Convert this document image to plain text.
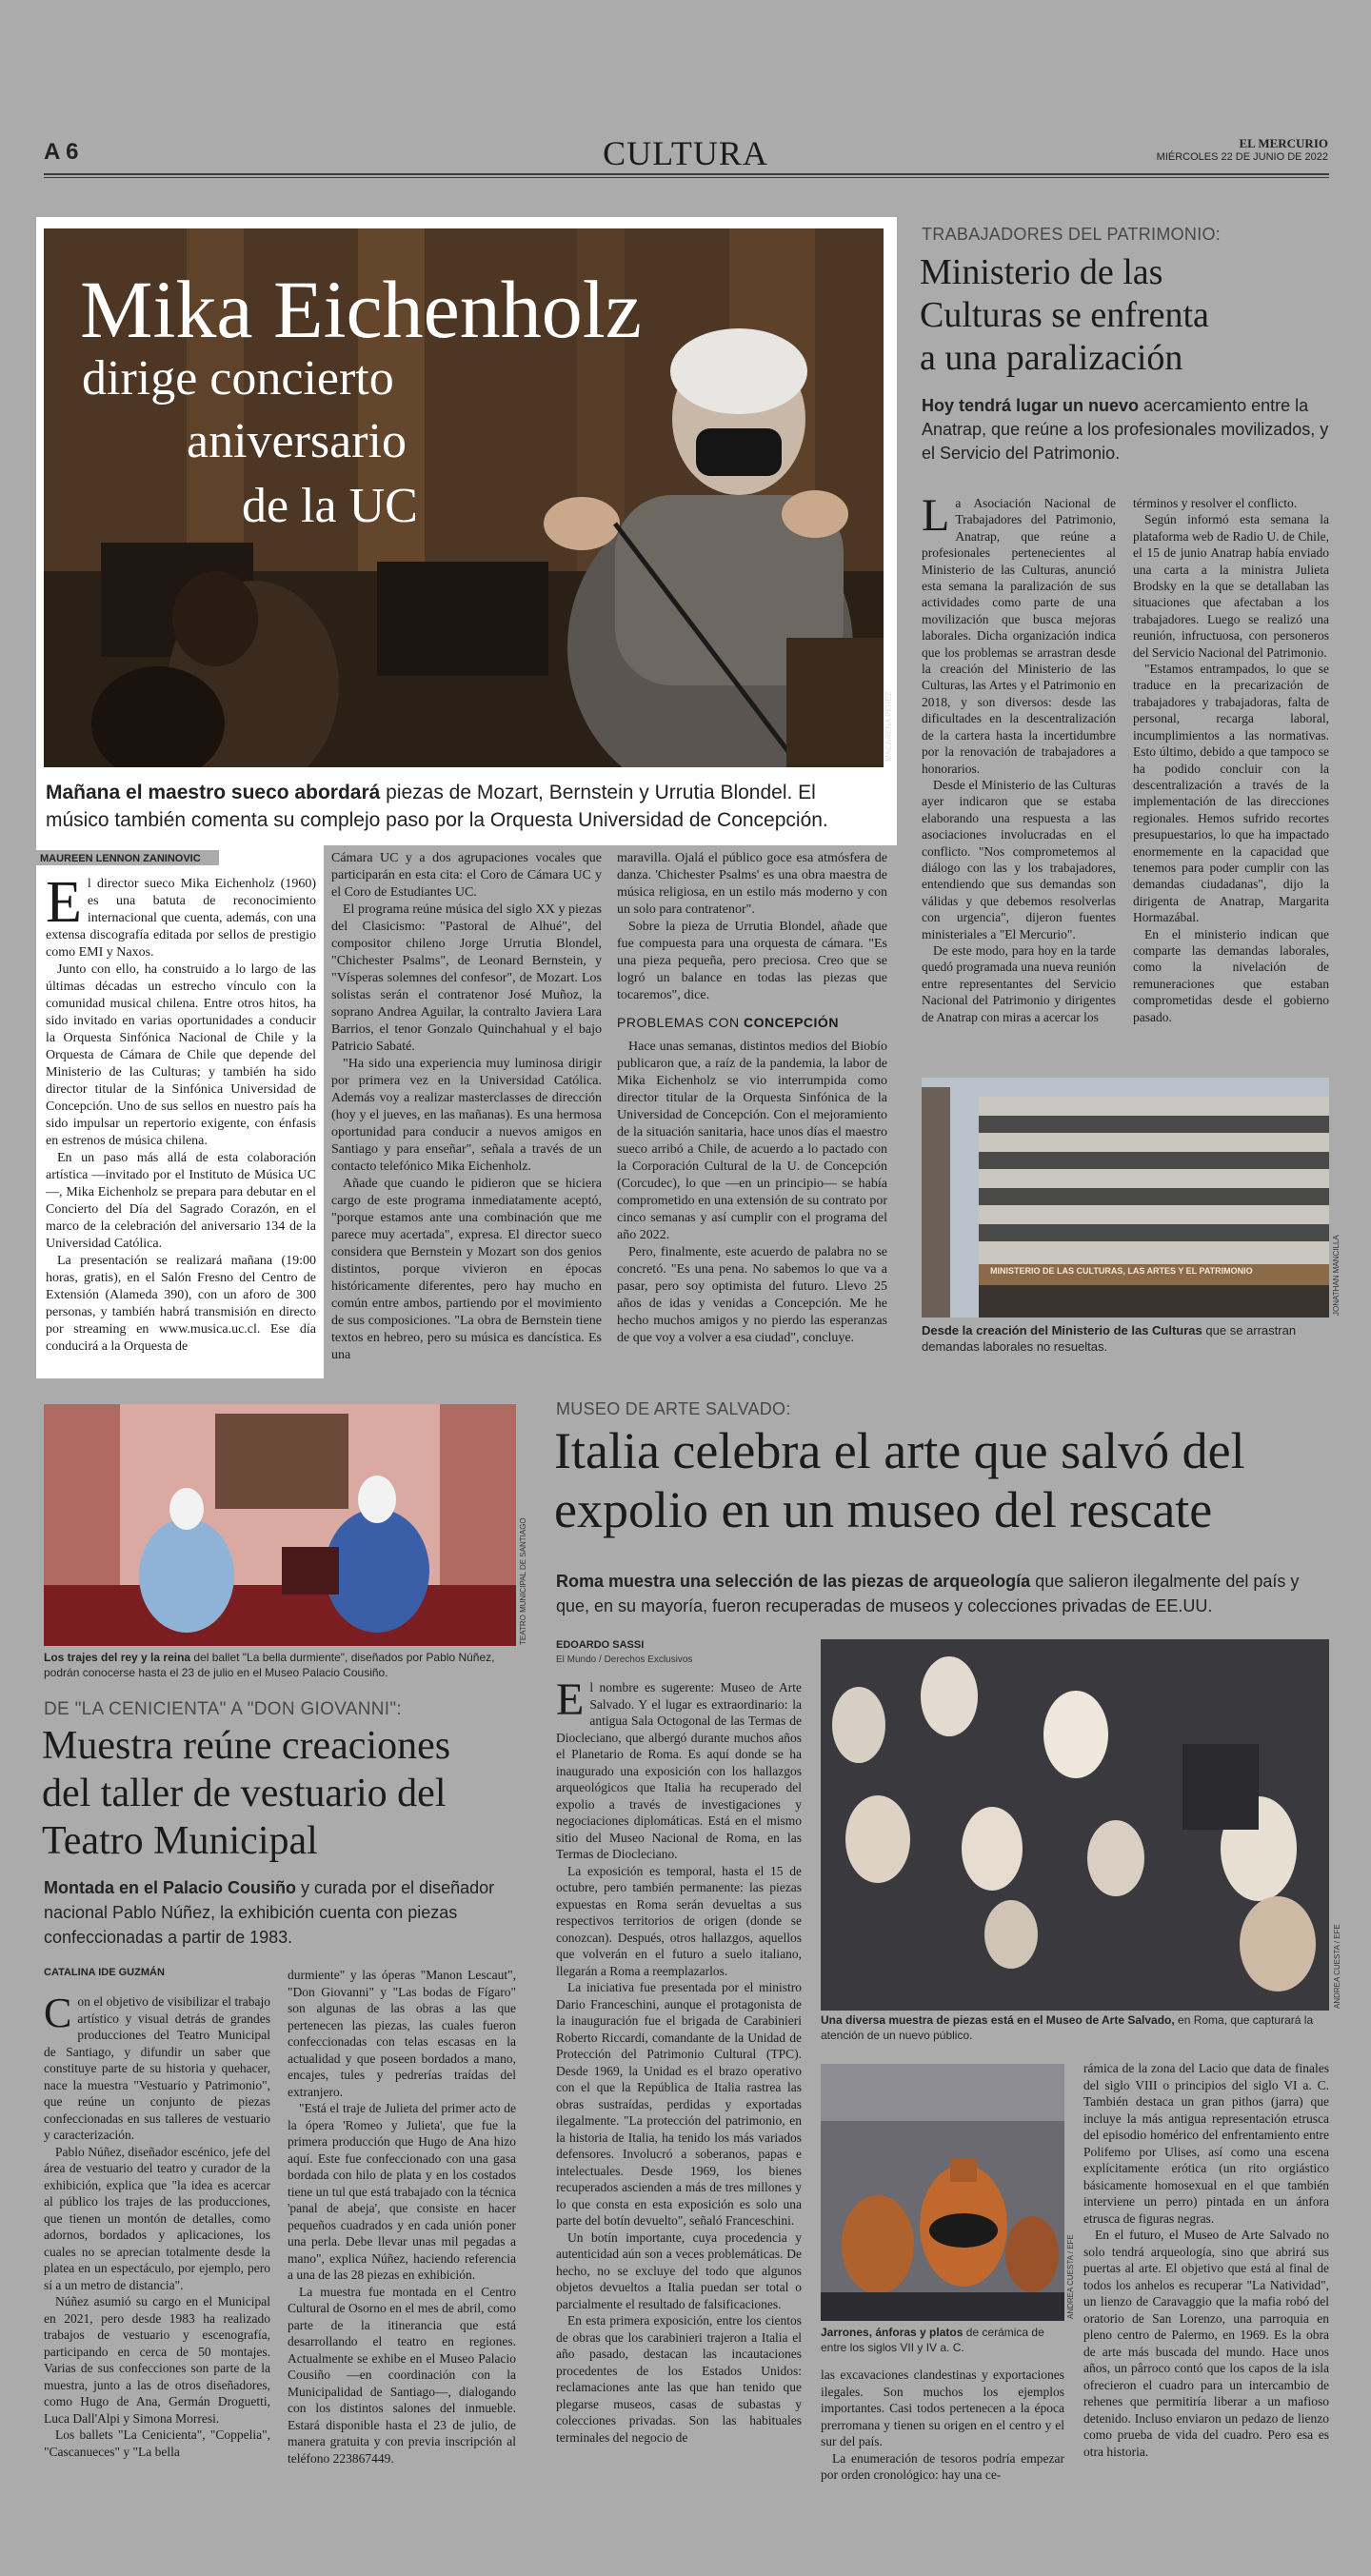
A 6	CULTURA	EL MERCURIO
MIÉRCOLES 22 DE JUNIO DE 2022
Mika Eichenholz
dirige concierto
aniversario
de la UC
MACARENA PÉREZ
Mañana el maestro sueco abordará piezas de Mozart, Bernstein y Urrutia Blondel. El músico también comenta su complejo paso por la Orquesta Universidad de Concepción.
MAUREEN LENNON ZANINOVIC

El director sueco Mika Eichenholz (1960) es una batuta de reconocimiento internacional que cuenta, además, con una extensa discografía editada por sellos de prestigio como EMI y Naxos.

Junto con ello, ha construido a lo largo de las últimas décadas un estrecho vínculo con la comunidad musical chilena. Entre otros hitos, ha sido invitado en varias oportunidades a conducir la Orquesta Sinfónica Nacional de Chile y la Orquesta de Cámara de Chile que depende del Ministerio de las Culturas; y también ha sido director titular de la Sinfónica Universidad de Concepción. Uno de sus sellos en nuestro país ha sido impulsar un repertorio exigente, con énfasis en estrenos de música chilena.

En un paso más allá de esta colaboración artística —invitado por el Instituto de Música UC—, Mika Eichenholz se prepara para debutar en el Concierto del Día del Sagrado Corazón, en el marco de la celebración del aniversario 134 de la Universidad Católica.

La presentación se realizará mañana (19:00 horas, gratis), en el Salón Fresno del Centro de Extensión (Alameda 390), con un aforo de 300 personas, y también habrá transmisión en directo por streaming en www.musica.uc.cl. Ese día conducirá a la Orquesta de

Cámara UC y a dos agrupaciones vocales que participarán en esta cita: el Coro de Cámara UC y el Coro de Estudiantes UC.

El programa reúne música del siglo XX y piezas del Clasicismo: "Pastoral de Alhué", del compositor chileno Jorge Urrutia Blondel, "Chichester Psalms", de Leonard Bernstein, y "Vísperas solemnes del confesor", de Mozart. Los solistas serán el contratenor José Muñoz, la soprano Andrea Aguilar, la contralto Javiera Lara Barrios, el tenor Gonzalo Quinchahual y el bajo Patricio Sabaté.

"Ha sido una experiencia muy luminosa dirigir por primera vez en la Universidad Católica. Además voy a realizar masterclasses de dirección (hoy y el jueves, en las mañanas). Es una hermosa oportunidad para conducir a nuevos amigos en Santiago y para enseñar", señala a través de un contacto telefónico Mika Eichenholz.

Añade que cuando le pidieron que se hiciera cargo de este programa inmediatamente aceptó, "porque estamos ante una combinación que me parece muy acertada", expresa. El director sueco considera que Bernstein y Mozart son dos genios distintos, porque vivieron en épocas históricamente diferentes, pero hay mucho en común entre ambos, partiendo por el movimiento de sus composiciones. "La obra de Bernstein tiene textos en hebreo, pero su música es dancística. Es una

maravilla. Ojalá el público goce esa atmósfera de danza. 'Chichester Psalms' es una obra maestra de música religiosa, en un estilo más moderno y con un solo para contratenor".

Sobre la pieza de Urrutia Blondel, añade que fue compuesta para una orquesta de cámara. "Es una pieza pequeña, pero preciosa. Creo que se logró un balance en todas las piezas que tocaremos", dice.

PROBLEMAS CON CONCEPCIÓN

Hace unas semanas, distintos medios del Biobío publicaron que, a raíz de la pandemia, la labor de Mika Eichenholz se vio interrumpida como director titular de la Orquesta Sinfónica de la Universidad de Concepción. Con el mejoramiento de la situación sanitaria, hace unos días el maestro sueco arribó a Chile, de acuerdo a lo pactado con la Corporación Cultural de la U. de Concepción (Corcudec), lo que —en un principio— se había comprometido en una extensión de su contrato por cinco semanas y así cumplir con el programa del año 2022.

Pero, finalmente, este acuerdo de palabra no se concretó. "Es una pena. No sabemos lo que va a pasar, pero soy optimista del futuro. Llevo 25 años de idas y venidas a Concepción. Me he hecho muchos amigos y no pierdo las esperanzas de que voy a volver a esa ciudad", concluye.

TRABAJADORES DEL PATRIMONIO:
Ministerio de las
Culturas se enfrenta
a una paralización
Hoy tendrá lugar un nuevo acercamiento entre la Anatrap, que reúne a los profesionales movilizados, y el Servicio del Patrimonio.

La Asociación Nacional de Trabajadores del Patrimonio, Anatrap, que reúne a profesionales pertenecientes al Ministerio de las Culturas, anunció esta semana la paralización de sus actividades como parte de una movilización que busca mejoras laborales. Dicha organización indica que los problemas se arrastran desde la creación del Ministerio de las Culturas, las Artes y el Patrimonio en 2018, y son diversos: desde las dificultades en la descentralización de la cartera hasta la incertidumbre por la renovación de trabajadores a honorarios.

Desde el Ministerio de las Culturas ayer indicaron que se estaba elaborando una respuesta a las asociaciones involucradas en el conflicto. "Nos comprometemos al diálogo con las y los trabajadores, entendiendo que sus demandas son válidas y que debemos resolverlas con urgencia", dijeron fuentes ministeriales a "El Mercurio".

De este modo, para hoy en la tarde quedó programada una nueva reunión entre representantes del Servicio Nacional del Patrimonio y dirigentes de Anatrap con miras a acercar los

términos y resolver el conflicto.

Según informó esta semana la plataforma web de Radio U. de Chile, el 15 de junio Anatrap había enviado una carta a la ministra Julieta Brodsky en la que se detallaban las situaciones que afectaban a los trabajadores. Luego se realizó una reunión, infructuosa, con personeros del Servicio Nacional del Patrimonio.

"Estamos entrampados, lo que se traduce en la precarización de trabajadores y trabajadoras, falta de personal, recarga laboral, incumplimientos a las normativas. Esto último, debido a que tampoco se ha podido concluir con la descentralización a través de la implementación de las direcciones regionales. Hemos sufrido recortes presupuestarios, lo que ha impactado enormemente en la capacidad que tenemos para poder cumplir con las demandas ciudadanas", dijo la dirigenta de Anatrap, Margarita Hormazábal.

En el ministerio indican que comparte las demandas laborales, como la nivelación de remuneraciones que estaban comprometidas desde el gobierno pasado.

MINISTERIO DE LAS CULTURAS, LAS ARTES Y EL PATRIMONIO	JONATHAN MANCILLA
Desde la creación del Ministerio de las Culturas que se arrastran demandas laborales no resueltas.
TEATRO MUNICIPAL DE SANTIAGO
Los trajes del rey y la reina del ballet "La bella durmiente", diseñados por Pablo Núñez, podrán conocerse hasta el 23 de julio en el Museo Palacio Cousiño.
DE "LA CENICIENTA" A "DON GIOVANNI":
Muestra reúne creaciones
del taller de vestuario del
Teatro Municipal
Montada en el Palacio Cousiño y curada por el diseñador nacional Pablo Núñez, la exhibición cuenta con piezas confeccionadas a partir de 1983.
CATALINA IDE GUZMÁN

Con el objetivo de visibilizar el trabajo artístico y visual detrás de grandes producciones del Teatro Municipal de Santiago, y difundir un saber que constituye parte de su historia y quehacer, nace la muestra "Vestuario y Patrimonio", que reúne un conjunto de piezas confeccionadas en sus talleres de vestuario y caracterización.

Pablo Núñez, diseñador escénico, jefe del área de vestuario del teatro y curador de la exhibición, explica que "la idea es acercar al público los trajes de las producciones, que tienen un montón de detalles, como adornos, bordados y aplicaciones, los cuales no se aprecian totalmente desde la platea en un espectáculo, por ejemplo, pero sí a un metro de distancia".

Núñez asumió su cargo en el Municipal en 2021, pero desde 1983 ha realizado trabajos de vestuario y escenografía, participando en cerca de 50 montajes. Varias de sus confecciones son parte de la muestra, junto a las de otros diseñadores, como Hugo de Ana, Germán Droguetti, Luca Dall'Alpi y Simona Morresi.

Los ballets "La Cenicienta", "Coppelia", "Cascanueces" y "La bella

durmiente" y las óperas "Manon Lescaut", "Don Giovanni" y "Las bodas de Fígaro" son algunas de las obras a las que pertenecen las piezas, las cuales fueron confeccionadas con telas escasas en la actualidad y que poseen bordados a mano, encajes, tules y pedrerías traídas del extranjero.

"Está el traje de Julieta del primer acto de la ópera 'Romeo y Julieta', que fue la primera producción que Hugo de Ana hizo aquí. Este fue confeccionado con una gasa bordada con hilo de plata y en los costados tiene un tul que está trabajado con la técnica 'panal de abeja', que consiste en hacer pequeños cuadrados y en cada unión poner una perla. Debe llevar unas mil pegadas a mano", explica Núñez, haciendo referencia a una de las 28 piezas en exhibición.

La muestra fue montada en el Centro Cultural de Osorno en el mes de abril, como parte de la itinerancia que está desarrollando el teatro en regiones. Actualmente se exhibe en el Museo Palacio Cousiño —en coordinación con la Municipalidad de Santiago—, dialogando con los distintos salones del inmueble. Estará disponible hasta el 23 de julio, de manera gratuita y con previa inscripción al teléfono 223867449.

MUSEO DE ARTE SALVADO:
Italia celebra el arte que salvó del
expolio en un museo del rescate
Roma muestra una selección de las piezas de arqueología que salieron ilegalmente del país y que, en su mayoría, fueron recuperadas de museos y colecciones privadas de EE.UU.
EDOARDO SASSI
El Mundo / Derechos Exclusivos

El nombre es sugerente: Museo de Arte Salvado. Y el lugar es extraordinario: la antigua Sala Octogonal de las Termas de Diocleciano, que albergó durante muchos años el Planetario de Roma. Es aquí donde se ha inaugurado una exposición con los hallazgos arqueológicos que Italia ha recuperado del expolio a través de investigaciones y negociaciones diplomáticas. Está en el mismo sitio del Museo Nacional de Roma, en las Termas de Diocleciano.

La exposición es temporal, hasta el 15 de octubre, pero también permanente: las piezas expuestas en Roma serán devueltas a sus respectivos territorios de origen (donde se conozcan). Después, otros hallazgos, aquellos que volverán en el futuro a suelo italiano, llegarán a Roma a reemplazarlos.

La iniciativa fue presentada por el ministro Dario Franceschini, aunque el protagonista de la inauguración fue el brigada de Carabinieri Roberto Riccardi, comandante de la Unidad de Protección del Patrimonio Cultural (TPC). Desde 1969, la Unidad es el brazo operativo con el que la República de Italia rastrea las obras sustraídas, perdidas y exportadas ilegalmente. "La protección del patrimonio, en la historia de Italia, ha tenido los más variados defensores. Involucró a soberanos, papas e intelectuales. Desde 1969, los bienes recuperados ascienden a más de tres millones y lo que consta en esta exposición es solo una parte del botín devuelto", señaló Franceschini.

Un botín importante, cuya procedencia y autenticidad aún son a veces problemáticas. De hecho, no se excluye del todo que algunos objetos devueltos a Italia puedan ser total o parcialmente el resultado de falsificaciones.

En esta primera exposición, entre los cientos de obras que los carabinieri trajeron a Italia el año pasado, destacan las incautaciones procedentes de los Estados Unidos: reclamaciones ante las que han tenido que plegarse museos, casas de subastas y colecciones privadas. Son las habituales terminales del negocio de

ANDREA CUESTA / EFE
Una diversa muestra de piezas está en el Museo de Arte Salvado, en Roma, que capturará la atención de un nuevo público.
ANDREA CUESTA / EFE
Jarrones, ánforas y platos de cerámica de entre los siglos VII y IV a. C.

las excavaciones clandestinas y exportaciones ilegales. Son muchos los ejemplos importantes. Casi todos pertenecen a la época prerromana y tienen su origen en el centro y el sur del país.

La enumeración de tesoros podría empezar por orden cronológico: hay una ce-

rámica de la zona del Lacio que data de finales del siglo VIII o principios del siglo VI a. C. También destaca un gran pithos (jarra) que incluye la más antigua representación etrusca del episodio homérico del enfrentamiento entre Polifemo por Ulises, así como una escena explícitamente erótica (un rito orgiástico básicamente homosexual en el que también interviene un perro) pintada en un ánfora etrusca de figuras negras.

En el futuro, el Museo de Arte Salvado no solo tendrá arqueología, sino que abrirá sus puertas al arte. El objetivo que está al final de todos los anhelos es recuperar "La Natividad", un lienzo de Caravaggio que la mafia robó del oratorio de San Lorenzo, una parroquia en pleno centro de Palermo, en 1969. Es la obra de arte más buscada del mundo. Hace unos años, un pârroco contó que los capos de la isla ofrecieron el cuadro para un intercambio de rehenes que permitiría liberar a un mafioso detenido. Incluso enviaron un pedazo de lienzo como prueba de vida del cuadro. Pero esa es otra historia.
